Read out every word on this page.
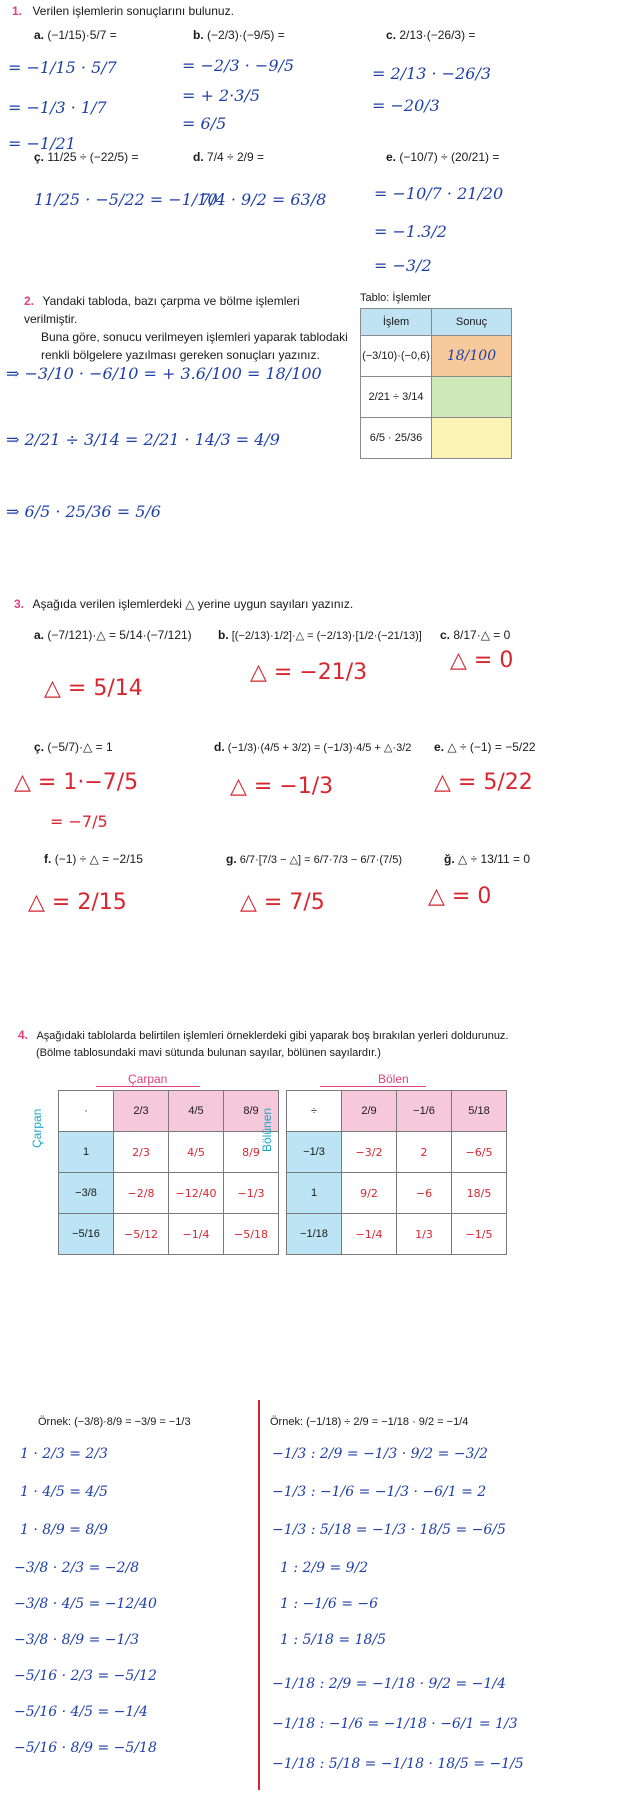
1. Verilen işlemlerin sonuçlarını bulunuz.
a. (−1/15)·5/7 =
= −1/15 · 5/7
= −1/3 · 1/7
= −1/21
b. (−2/3)·(−9/5) =
= −2/3 · −9/5
= + 2·3/5
= 6/5
c. 2/13·(−26/3) =
= 2/13 · −26/3
= −20/3
ç. 11/25 ÷ (−22/5) =
11/25 · −5/22 = −1/10
d. 7/4 ÷ 2/9 =
7/4 · 9/2 = 63/8
e. (−10/7) ÷ (20/21) =
= −10/7 · 21/20
= −1.3/2
= −3/2
2. Yandaki tabloda, bazı çarpma ve bölme işlemleri verilmiştir.
Buna göre, sonucu verilmeyen işlemleri yaparak tablodaki
renkli bölgelere yazılması gereken sonuçları yazınız.
Tablo: İşlemler
İşlem	Sonuç
(−3/10)·(−0,6)	18/100
2/21 ÷ 3/14	
6/5 · 25/36	
⇒ −3/10 · −6/10 = + 3.6/100 = 18/100
⇒ 2/21 ÷ 3/14 = 2/21 · 14/3 = 4/9
⇒ 6/5 · 25/36 = 5/6
3. Aşağıda verilen işlemlerdeki △ yerine uygun sayıları yazınız.
a. (−7/121)·△ = 5/14·(−7/121)
△ = 5/14
b. [(−2/13)·1/2]·△ = (−2/13)·[1/2·(−21/13)]
△ = −21/3
c. 8/17·△ = 0
△ = 0
ç. (−5/7)·△ = 1
△ = 1·−7/5
= −7/5
d. (−1/3)·(4/5 + 3/2) = (−1/3)·4/5 + △·3/2
△ = −1/3
e. △ ÷ (−1) = −5/22
△ = 5/22
f. (−1) ÷ △ = −2/15
△ = 2/15
g. 6/7·[7/3 − △] = 6/7·7/3 − 6/7·(7/5)
△ = 7/5
ğ. △ ÷ 13/11 = 0
△ = 0
4. Aşağıdaki tablolarda belirtilen işlemleri örneklerdeki gibi yaparak boş bırakılan yerleri doldurunuz.
(Bölme tablosundaki mavi sütunda bulunan sayılar, bölünen sayılardır.)
Çarpan
Çarpan	·	2/3	4/5	8/9
1	2/3	4/5	8/9
−3/8	−2/8	−12/40	−1/3
−5/16	−5/12	−1/4	−5/18
Bölen
Bölünen	÷	2/9	−1/6	5/18
−1/3	−3/2	2	−6/5
1	9/2	−6	18/5
−1/18	−1/4	1/3	−1/5
Örnek: (−3/8)·8/9 = −3/9 = −1/3	Örnek: (−1/18) ÷ 2/9 = −1/18 · 9/2 = −1/4
1 · 2/3 = 2/3
1 · 4/5 = 4/5
1 · 8/9 = 8/9
−3/8 · 2/3 = −2/8
−3/8 · 4/5 = −12/40
−3/8 · 8/9 = −1/3
−5/16 · 2/3 = −5/12
−5/16 · 4/5 = −1/4
−5/16 · 8/9 = −5/18
−1/3 : 2/9 = −1/3 · 9/2 = −3/2
−1/3 : −1/6 = −1/3 · −6/1 = 2
−1/3 : 5/18 = −1/3 · 18/5 = −6/5
1 : 2/9 = 9/2
1 : −1/6 = −6
1 : 5/18 = 18/5
−1/18 : 2/9 = −1/18 · 9/2 = −1/4
−1/18 : −1/6 = −1/18 · −6/1 = 1/3
−1/18 : 5/18 = −1/18 · 18/5 = −1/5
